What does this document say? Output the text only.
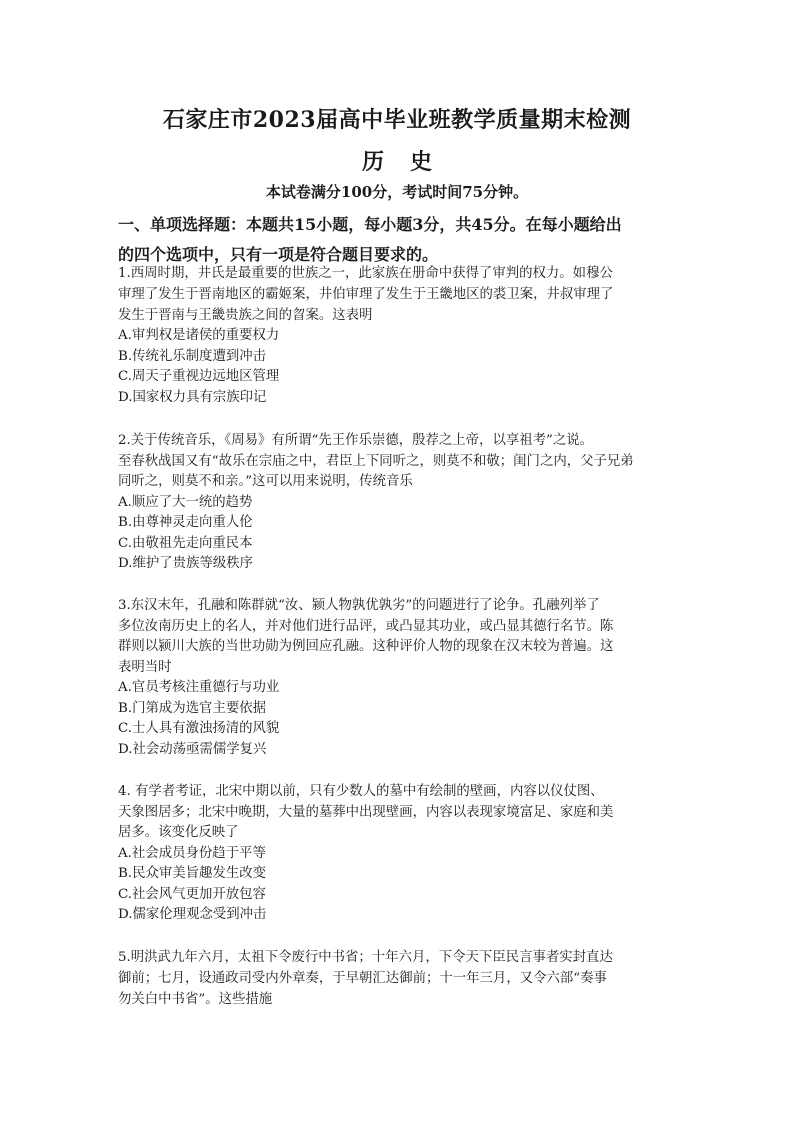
石家庄市2023届高中毕业班教学质量期末检测
历史
本试卷满分100分，考试时间75分钟。
一、单项选择题：本题共15小题，每小题3分，共45分。在每小题给出
的四个选项中，只有一项是符合题目要求的。
1.西周时期，井氏是最重要的世族之一，此家族在册命中获得了审判的权力。如穆公
审理了发生于晋南地区的霸姬案，井伯审理了发生于王畿地区的裘卫案，井叔审理了
发生于晋南与王畿贵族之间的曶案。这表明
A.审判权是诸侯的重要权力
B.传统礼乐制度遭到冲击
C.周天子重视边远地区管理
D.国家权力具有宗族印记
2.关于传统音乐，《周易》有所谓“先王作乐崇德，殷荐之上帝，以享祖考”之说。
至春秋战国又有“故乐在宗庙之中，君臣上下同听之，则莫不和敬；闺门之内，父子兄弟
同听之，则莫不和亲。”这可以用来说明，传统音乐
A.顺应了大一统的趋势
B.由尊神灵走向重人伦
C.由敬祖先走向重民本
D.维护了贵族等级秩序
3.东汉末年，孔融和陈群就“汝、颍人物孰优孰劣”的问题进行了论争。孔融列举了
多位汝南历史上的名人，并对他们进行品评，或凸显其功业，或凸显其德行名节。陈
群则以颍川大族的当世功勋为例回应孔融。这种评价人物的现象在汉末较为普遍。这
表明当时
A.官员考核注重德行与功业
B.门第成为选官主要依据
C.士人具有激浊扬清的风貌
D.社会动荡亟需儒学复兴
4. 有学者考证，北宋中期以前，只有少数人的墓中有绘制的壁画，内容以仪仗图、
天象图居多；北宋中晚期，大量的墓葬中出现壁画，内容以表现家境富足、家庭和美
居多。该变化反映了
A.社会成员身份趋于平等
B.民众审美旨趣发生改变
C.社会风气更加开放包容
D.儒家伦理观念受到冲击
5.明洪武九年六月，太祖下令废行中书省；十年六月，下令天下臣民言事者实封直达
御前；七月，设通政司受内外章奏，于早朝汇达御前；十一年三月，又令六部“奏事
勿关白中书省”。这些措施
